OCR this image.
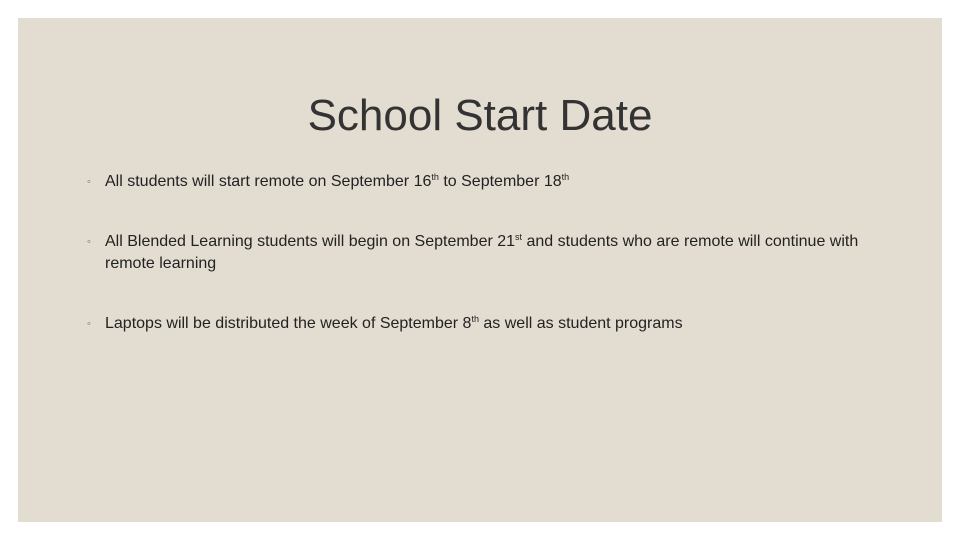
School Start Date
◦ All students will start remote on September 16th to September 18th
◦ All Blended Learning students will begin on September 21st and students who are remote will continue with remote learning
◦ Laptops will be distributed the week of September 8th as well as student programs
